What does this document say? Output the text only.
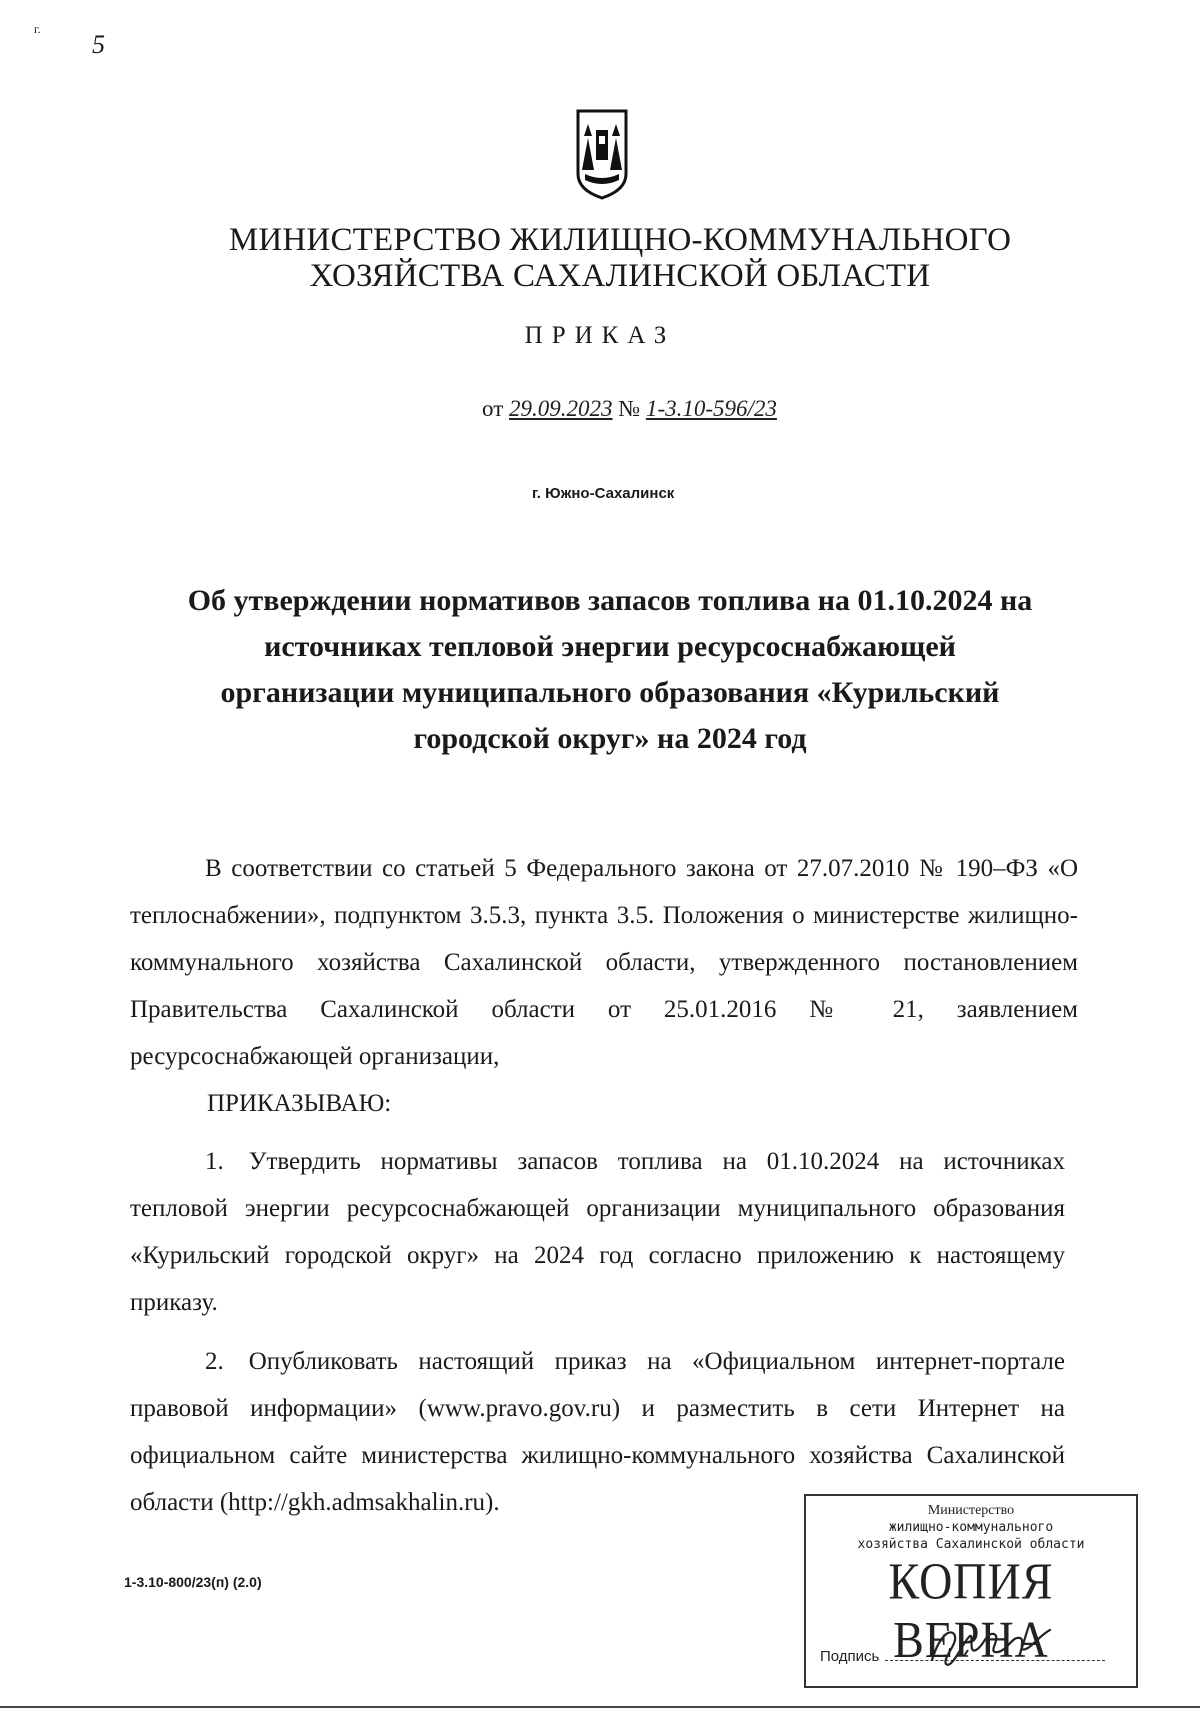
г.
5
МИНИСТЕРСТВО ЖИЛИЩНО-КОММУНАЛЬНОГО
ХОЗЯЙСТВА САХАЛИНСКОЙ ОБЛАСТИ
ПРИКАЗ
от 29.09.2023 № 1-3.10-596/23
г. Южно-Сахалинск
Об утверждении нормативов запасов топлива на 01.10.2024 на
источниках тепловой энергии ресурсоснабжающей
организации муниципального образования «Курильский
городской округ» на 2024 год

В соответствии со статьей 5 Федерального закона от 27.07.2010 № 190–ФЗ «О теплоснабжении», подпунктом 3.5.3, пункта 3.5. Положения о министерстве жилищно-коммунального хозяйства Сахалинской области, утвержденного постановлением Правительства Сахалинской области от 25.01.2016 № 21, заявлением ресурсоснабжающей организации,

ПРИКАЗЫВАЮ:

1. Утвердить нормативы запасов топлива на 01.10.2024 на источниках тепловой энергии ресурсоснабжающей организации муниципального образования «Курильский городской округ» на 2024 год согласно приложению к настоящему приказу.

2. Опубликовать настоящий приказ на «Официальном интернет-портале правовой информации» (www.pravo.gov.ru) и разместить в сети Интернет на официальном сайте министерства жилищно-коммунального хозяйства Сахалинской области (http://gkh.admsakhalin.ru).

1-3.10-800/23(п) (2.0)
Министерство
жилищно-коммунального
хозяйства Сахалинской области
КОПИЯ ВЕРНА
Подпись
